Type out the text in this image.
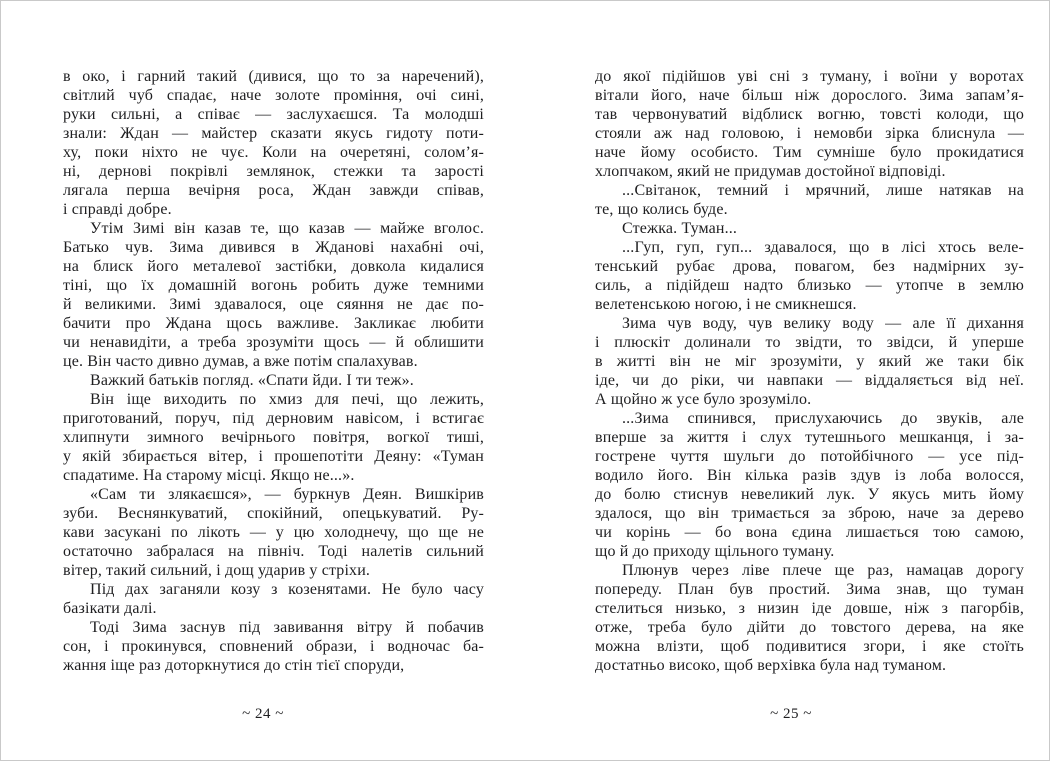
в око, і гарний такий (дивися, що то за наречений),
світлий чуб спадає, наче золоте проміння, очі сині,
руки сильні, а співає — заслухаєшся. Та молодші
знали: Ждан — майстер сказати якусь гидоту поти-
ху, поки ніхто не чує. Коли на очеретяні, солом’я-
ні, дернові покрівлі землянок, стежки та зарості
лягала перша вечірня роса, Ждан завжди співав,
і справді добре.
Утім Зимі він казав те, що казав — майже вголос.
Батько чув. Зима дивився в Жданові нахабні очі,
на блиск його металевої застібки, довкола кидалися
тіні, що їх домашній вогонь робить дуже темними
й великими. Зимі здавалося, оце сяяння не дає по-
бачити про Ждана щось важливе. Закликає любити
чи ненавидіти, а треба зрозуміти щось — й облишити
це. Він часто дивно думав, а вже потім спалахував.
Важкий батьків погляд. «Спати йди. І ти теж».
Він іще виходить по хмиз для печі, що лежить,
приготований, поруч, під дерновим навісом, і встигає
хлипнути зимного вечірнього повітря, вогкої тиші,
у якій збирається вітер, і прошепотіти Деяну: «Туман
спадатиме. На старому місці. Якщо не...».
«Сам ти злякаєшся», — буркнув Деян. Вишкірив
зуби. Веснянкуватий, спокійний, опецькуватий. Ру-
кави засукані по лікоть — у цю холоднечу, що ще не
остаточно забралася на північ. Тоді налетів сильний
вітер, такий сильний, і дощ ударив у стріхи.
Під дах заганяли козу з козенятами. Не було часу
базікати далі.
Тоді Зима заснув під завивання вітру й побачив
сон, і прокинувся, сповнений образи, і водночас ба-
жання іще раз доторкнутися до стін тієї споруди,
до якої підійшов уві сні з туману, і воїни у воротах
вітали його, наче більш ніж дорослого. Зима запам’я-
тав червонуватий відблиск вогню, товсті колоди, що
стояли аж над головою, і немовби зірка блиснула —
наче йому особисто. Тим сумніше було прокидатися
хлопчаком, який не придумав достойної відповіді.
...Світанок, темний і мрячний, лише натякав на
те, що колись буде.
Стежка. Туман...
...Гуп, гуп, гуп... здавалося, що в лісі хтось веле-
тенський рубає дрова, повагом, без надмірних зу-
силь, а підійдеш надто близько — утопче в землю
велетенською ногою, і не смикнешся.
Зима чув воду, чув велику воду — але її дихання
і плюскіт долинали то звідти, то звідси, й уперше
в житті він не міг зрозуміти, у який же таки бік
іде, чи до ріки, чи навпаки — віддаляється від неї.
А щойно ж усе було зрозуміло.
...Зима спинився, прислухаючись до звуків, але
вперше за життя і слух тутешнього мешканця, і за-
гострене чуття шульги до потойбічного — усе під-
водило його. Він кілька разів здув із лоба волосся,
до болю стиснув невеликий лук. У якусь мить йому
здалося, що він тримається за зброю, наче за дерево
чи корінь — бо вона єдина лишається тою самою,
що й до приходу щільного туману.
Плюнув через ліве плече ще раз, намацав дорогу
попереду. План був простий. Зима знав, що туман
стелиться низько, з низин іде довше, ніж з пагорбів,
отже, треба було дійти до товстого дерева, на яке
можна влізти, щоб подивитися згори, і яке стоїть
достатньо високо, щоб верхівка була над туманом.
~ 24 ~	~ 25 ~
